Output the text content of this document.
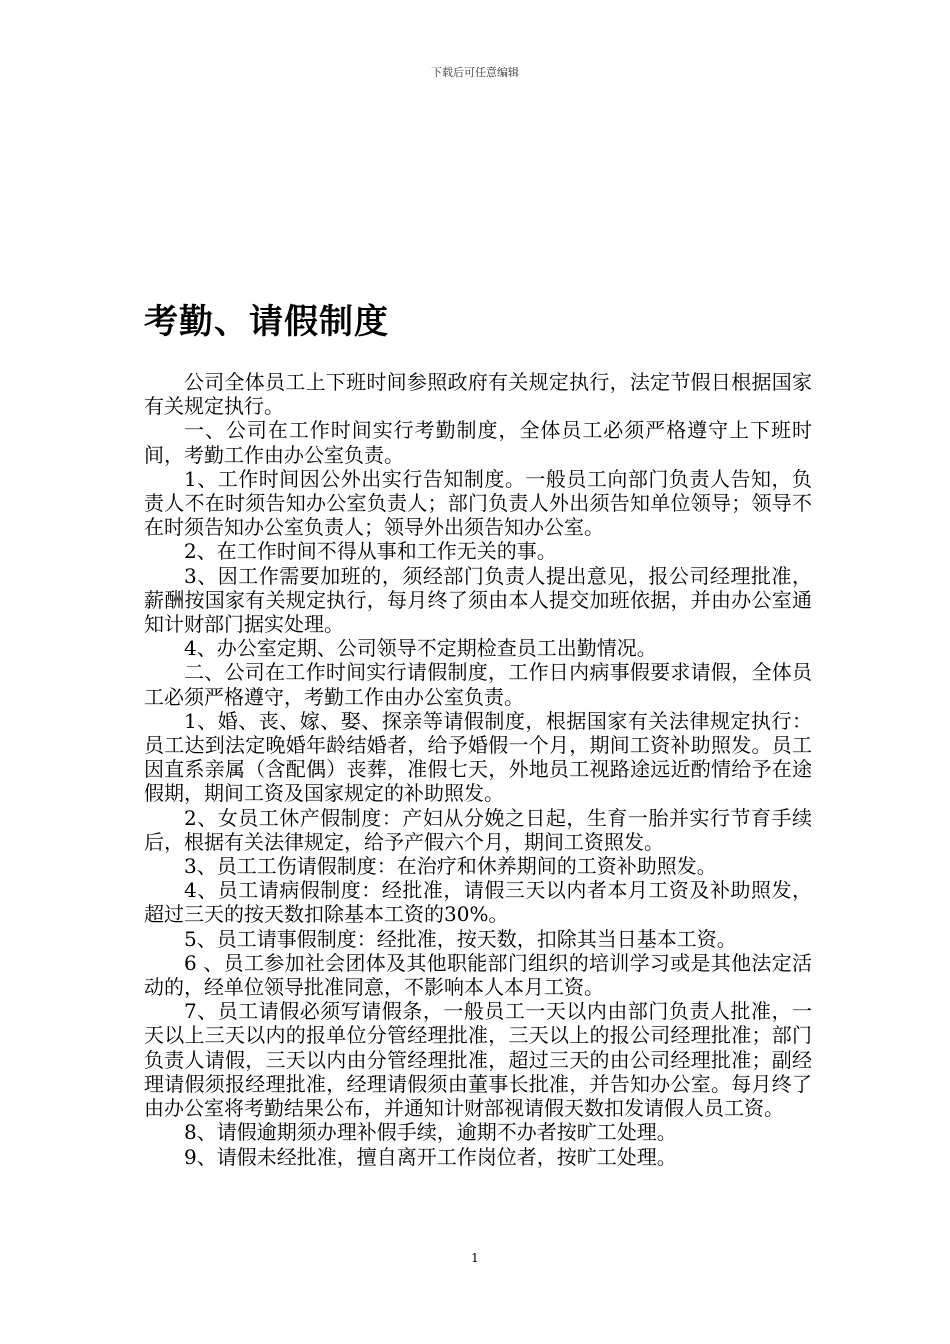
下载后可任意编辑
考勤、请假制度

公司全体员工上下班时间参照政府有关规定执行，法定节假日根据国家有关规定执行。

一、公司在工作时间实行考勤制度，全体员工必须严格遵守上下班时间，考勤工作由办公室负责。

1、工作时间因公外出实行告知制度。一般员工向部门负责人告知，负责人不在时须告知办公室负责人；部门负责人外出须告知单位领导；领导不在时须告知办公室负责人；领导外出须告知办公室。

2、在工作时间不得从事和工作无关的事。

3、因工作需要加班的，须经部门负责人提出意见，报公司经理批准，薪酬按国家有关规定执行，每月终了须由本人提交加班依据，并由办公室通知计财部门据实处理。

4、办公室定期、公司领导不定期检查员工出勤情况。

二、公司在工作时间实行请假制度，工作日内病事假要求请假，全体员工必须严格遵守，考勤工作由办公室负责。

1、婚、丧、嫁、娶、探亲等请假制度，根据国家有关法律规定执行：员工达到法定晚婚年龄结婚者，给予婚假一个月，期间工资补助照发。员工因直系亲属（含配偶）丧葬，准假七天，外地员工视路途远近酌情给予在途假期，期间工资及国家规定的补助照发。

2、女员工休产假制度：产妇从分娩之日起，生育一胎并实行节育手续后，根据有关法律规定，给予产假六个月，期间工资照发。

3、员工工伤请假制度：在治疗和休养期间的工资补助照发。

4、员工请病假制度：经批准，请假三天以内者本月工资及补助照发，超过三天的按天数扣除基本工资的30%。

5、员工请事假制度：经批准，按天数，扣除其当日基本工资。

6 、员工参加社会团体及其他职能部门组织的培训学习或是其他法定活动的，经单位领导批准同意，不影响本人本月工资。

7、员工请假必须写请假条，一般员工一天以内由部门负责人批准，一天以上三天以内的报单位分管经理批准，三天以上的报公司经理批准；部门负责人请假，三天以内由分管经理批准，超过三天的由公司经理批准；副经理请假须报经理批准，经理请假须由董事长批准，并告知办公室。每月终了由办公室将考勤结果公布，并通知计财部视请假天数扣发请假人员工资。

8、请假逾期须办理补假手续，逾期不办者按旷工处理。

9、请假未经批准，擅自离开工作岗位者，按旷工处理。

1
